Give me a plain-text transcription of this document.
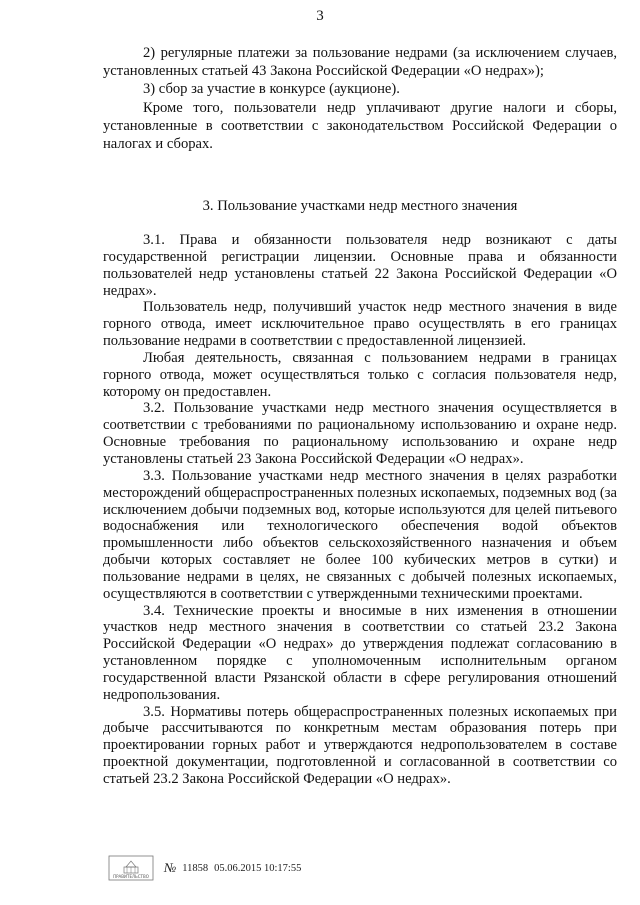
3

2) регулярные платежи за пользование недрами (за исключением случаев, установленных статьей 43 Закона Российской Федерации «О недрах»);

3) сбор за участие в конкурсе (аукционе).

Кроме того, пользователи недр уплачивают другие налоги и сборы, установленные в соответствии с законодательством Российской Федерации о налогах и сборах.

3. Пользование участками недр местного значения

3.1. Права и обязанности пользователя недр возникают с даты государственной регистрации лицензии. Основные права и обязанности пользователей недр установлены статьей 22 Закона Российской Федерации «О недрах».

Пользователь недр, получивший участок недр местного значения в виде горного отвода, имеет исключительное право осуществлять в его границах пользование недрами в соответствии с предоставленной лицензией.

Любая деятельность, связанная с пользованием недрами в границах горного отвода, может осуществляться только с согласия пользователя недр, которому он предоставлен.

3.2. Пользование участками недр местного значения осуществляется в соответствии с требованиями по рациональному использованию и охране недр. Основные требования по рациональному использованию и охране недр установлены статьей 23 Закона Российской Федерации «О недрах».

3.3. Пользование участками недр местного значения в целях разработки месторождений общераспространенных полезных ископаемых, подземных вод (за исключением добычи подземных вод, которые используются для целей питьевого водоснабжения или технологического обеспечения водой объектов промышленности либо объектов сельскохозяйственного назначения и объем добычи которых составляет не более 100 кубических метров в сутки) и пользование недрами в целях, не связанных с добычей полезных ископаемых, осуществляются в соответствии с утвержденными техническими проектами.

3.4. Технические проекты и вносимые в них изменения в отношении участков недр местного значения в соответствии со статьей 23.2 Закона Российской Федерации «О недрах» до утверждения подлежат согласованию в установленном порядке с уполномоченным исполнительным органом государственной власти Рязанской области в сфере регулирования отношений недропользования.

3.5. Нормативы потерь общераспространенных полезных ископаемых при добыче рассчитываются по конкретным местам образования потерь при проектировании горных работ и утверждаются недропользователем в составе проектной документации, подготовленной и согласованной в соответствии со статьей 23.2 Закона Российской Федерации «О недрах».

ПРАВИТЕЛЬСТВО
№ 11858 05.06.2015 10:17:55
